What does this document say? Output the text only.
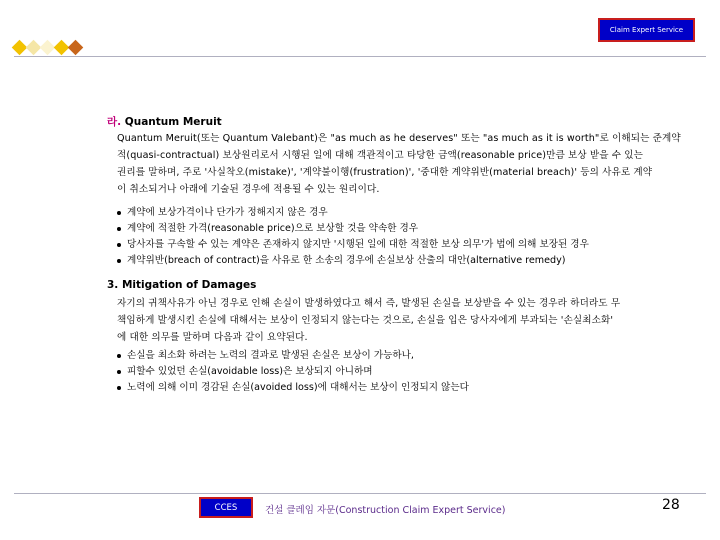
Claim Expert Service
라. Quantum Meruit
Quantum Meruit(또는 Quantum Valebant)은 "as much as he deserves" 또는 "as much as it is worth"로 이해되는 준계약
적(quasi-contractual) 보상원리로서 시행된 일에 대해 객관적이고 타당한 금액(reasonable price)만큼 보상 받을 수 있는
권리를 말하며, 주로 '사실착오(mistake)', '계약불이행(frustration)', '중대한 계약위반(material breach)' 등의 사유로 계약
이 취소되거나 아래에 기술된 경우에 적용될 수 있는 원리이다.
계약에 보상가격이나 단가가 정해지지 않은 경우
계약에 적절한 가격(reasonable price)으로 보상할 것을 약속한 경우
당사자를 구속할 수 있는 계약은 존재하지 않지만 '시행된 일에 대한 적절한 보상 의무'가 법에 의해 보장된 경우
계약위반(breach of contract)을 사유로 한 소송의 경우에 손실보상 산출의 대안(alternative remedy)
3. Mitigation of Damages
자기의 귀책사유가 아닌 경우로 인해 손실이 발생하였다고 해서 즉, 발생된 손실을 보상받을 수 있는 경우라 하더라도 무
책임하게 발생시킨 손실에 대해서는 보상이 인정되지 않는다는 것으로, 손실을 입은 당사자에게 부과되는 '손실최소화'
에 대한 의무를 말하며 다음과 같이 요약된다.
손실을 최소화 하려는 노력의 결과로 발생된 손실은 보상이 가능하나,
피할수 있었던 손실(avoidable loss)은 보상되지 아니하며
노력에 의해 이미 경감된 손실(avoided loss)에 대해서는 보상이 인정되지 않는다
CCES	건설 클레임 자문(Construction Claim Expert Service)	28
